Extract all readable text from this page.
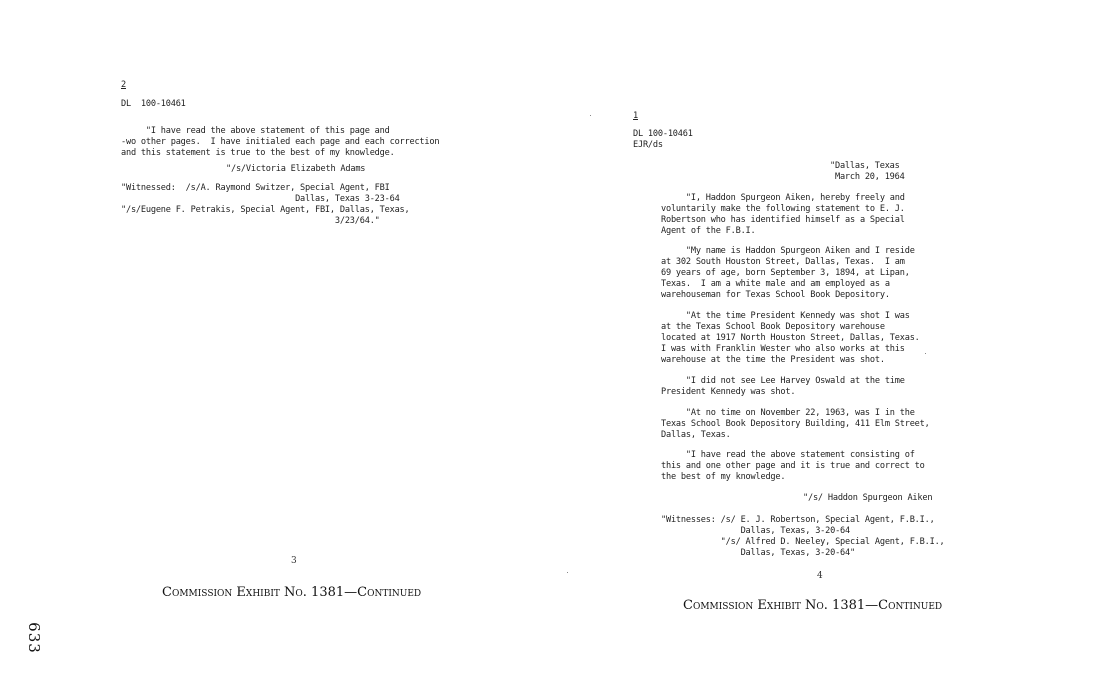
2

DL  100-10461

"I have read the above statement of this page and
-wo other pages.  I have initialed each page and each correction
and this statement is true to the best of my knowledge.

"/s/Victoria Elizabeth Adams

"Witnessed:  /s/A. Raymond Switzer, Special Agent, FBI
Dallas, Texas 3-23-64
"/s/Eugene F. Petrakis, Special Agent, FBI, Dallas, Texas,
3/23/64."

3

Commission Exhibit No. 1381—Continued

1

DL 100-10461
EJR/ds

"Dallas, Texas
March 20, 1964

"I, Haddon Spurgeon Aiken, hereby freely and
voluntarily make the following statement to E. J.
Robertson who has identified himself as a Special
Agent of the F.B.I.

"My name is Haddon Spurgeon Aiken and I reside
at 302 South Houston Street, Dallas, Texas.  I am
69 years of age, born September 3, 1894, at Lipan,
Texas.  I am a white male and am employed as a
warehouseman for Texas School Book Depository.

"At the time President Kennedy was shot I was
at the Texas School Book Depository warehouse
located at 1917 North Houston Street, Dallas, Texas.
I was with Franklin Wester who also works at this
warehouse at the time the President was shot.

"I did not see Lee Harvey Oswald at the time
President Kennedy was shot.

"At no time on November 22, 1963, was I in the
Texas School Book Depository Building, 411 Elm Street,
Dallas, Texas.

"I have read the above statement consisting of
this and one other page and it is true and correct to
the best of my knowledge.

"/s/ Haddon Spurgeon Aiken

"Witnesses: /s/ E. J. Robertson, Special Agent, F.B.I.,
Dallas, Texas, 3-20-64
"/s/ Alfred D. Neeley, Special Agent, F.B.I.,
Dallas, Texas, 3-20-64"

4

Commission Exhibit No. 1381—Continued

633
